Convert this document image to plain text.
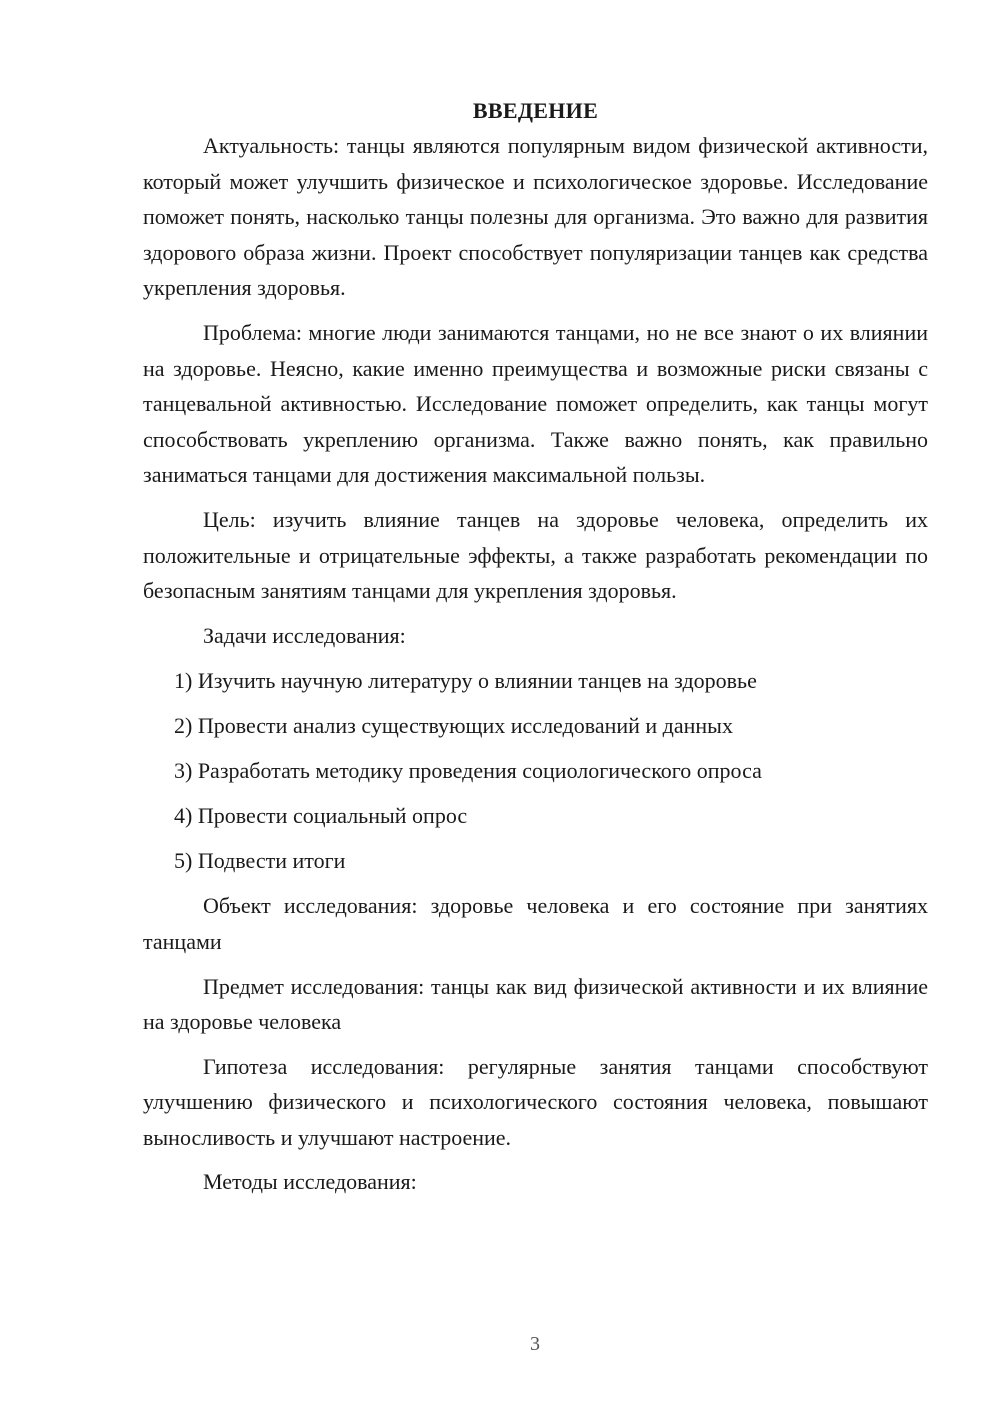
ВВЕДЕНИЕ

Актуальность: танцы являются популярным видом физической активности, который может улучшить физическое и психологическое здоровье. Исследование поможет понять, насколько танцы полезны для организма. Это важно для развития здорового образа жизни. Проект способствует популяризации танцев как средства укрепления здоровья.

Проблема: многие люди занимаются танцами, но не все знают о их влиянии на здоровье. Неясно, какие именно преимущества и возможные риски связаны с танцевальной активностью. Исследование поможет определить, как танцы могут способствовать укреплению организма. Также важно понять, как правильно заниматься танцами для достижения максимальной пользы.

Цель: изучить влияние танцев на здоровье человека, определить их положительные и отрицательные эффекты, а также разработать рекомендации по безопасным занятиям танцами для укрепления здоровья.

Задачи исследования:

1) Изучить научную литературу о влиянии танцев на здоровье
2) Провести анализ существующих исследований и данных
3) Разработать методику проведения социологического опроса
4) Провести социальный опрос
5) Подвести итоги

Объект исследования: здоровье человека и его состояние при занятиях танцами

Предмет исследования: танцы как вид физической активности и их влияние на здоровье человека

Гипотеза исследования: регулярные занятия танцами способствуют улучшению физического и психологического состояния человека, повышают выносливость и улучшают настроение.

Методы исследования:

3
